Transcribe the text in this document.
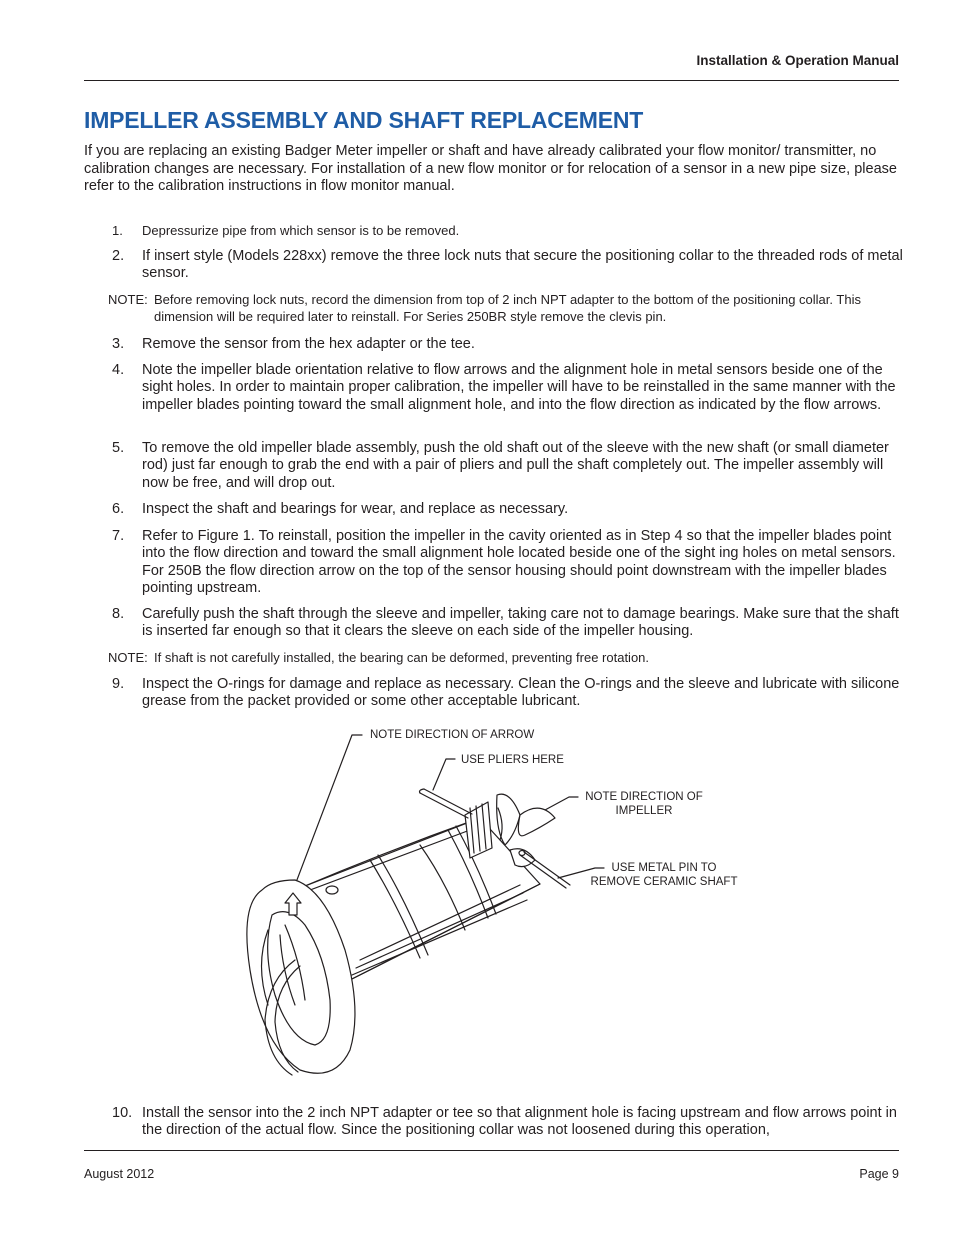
Installation & Operation Manual
IMPELLER ASSEMBLY AND SHAFT REPLACEMENT

If you are replacing an existing Badger Meter impeller or shaft and have already calibrated your flow monitor/ transmitter, no calibration changes are necessary. For installation of a new flow monitor or for relocation of a sensor in a new pipe size, please refer to the calibration instructions in flow monitor manual.

1.	Depressurize pipe from which sensor is to be removed.
2.	If insert style (Models 228xx) remove the three lock nuts that secure the positioning collar to the threaded rods of metal sensor.
NOTE: Before removing lock nuts, record the dimension from top of 2 inch NPT adapter to the bottom of the positioning collar. This dimension will be required later to reinstall. For Series 250BR style remove the clevis pin.
3.	Remove the sensor from the hex adapter or the tee.
4.	Note the impeller blade orientation relative to flow arrows and the alignment hole in metal sensors beside one of the sight holes. In order to maintain proper calibration, the impeller will have to be reinstalled in the same manner with the impeller blades pointing toward the small alignment hole, and into the flow direction as indicated by the flow arrows.
5.	To remove the old impeller blade assembly, push the old shaft out of the sleeve with the new shaft (or small diameter rod) just far enough to grab the end with a pair of pliers and pull the shaft completely out. The impeller assembly will now be free, and will drop out.
6.	Inspect the shaft and bearings for wear, and replace as necessary.
7.	Refer to Figure 1. To reinstall, position the impeller in the cavity oriented as in Step 4 so that the impeller blades point into the flow direction and toward the small alignment hole located beside one of the sight ing holes on metal sensors. For 250B the flow direction arrow on the top of the sensor housing should point downstream with the impeller blades pointing upstream.
8.	Carefully push the shaft through the sleeve and impeller, taking care not to damage bearings. Make sure that the shaft is inserted far enough so that it clears the sleeve on each side of the impeller housing.
NOTE: If shaft is not carefully installed, the bearing can be deformed, preventing free rotation.
9.	Inspect the O-rings for damage and replace as necessary. Clean the O-rings and the sleeve and lubricate with silicone grease from the packet provided or some other acceptable lubricant.
NOTE DIRECTION OF ARROW
USE PLIERS HERE
NOTE DIRECTION OF
IMPELLER
USE METAL PIN TO
REMOVE CERAMIC SHAFT
10. Install the sensor into the 2 inch NPT adapter or tee so that alignment hole is facing upstream and flow arrows point in the direction of the actual flow. Since the positioning collar was not loosened during this operation,
August 2012	Page 9
